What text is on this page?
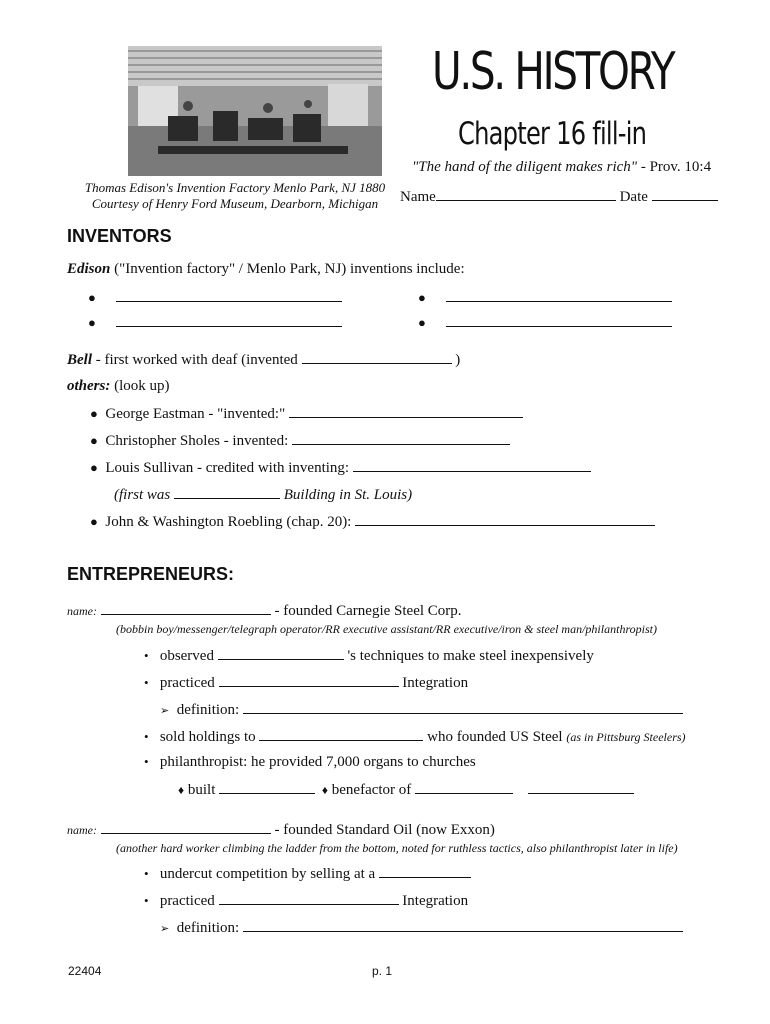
Thomas Edison's Invention Factory Menlo Park, NJ 1880
Courtesy of Henry Ford Museum, Dearborn, Michigan
U.S. HISTORY
Chapter 16 fill-in
"The hand of the diligent makes rich" - Prov. 10:4
Name	Date
INVENTORS
Edison ("Invention factory" / Menlo Park, NJ) inventions include:
●	●
●	●
Bell - first worked with deaf (invented	)
others: (look up)
● George Eastman - "invented:"
● Christopher Sholes - invented:
● Louis Sullivan - credited with inventing:
(first was	Building in St. Louis)
● John & Washington Roebling (chap. 20):
ENTREPRENEURS:
name:	- founded Carnegie Steel Corp.
(bobbin boy/messenger/telegraph operator/RR executive assistant/RR executive/iron & steel man/philanthropist)
• observed	's techniques to make steel inexpensively
• practiced	Integration
➢ definition:
• sold holdings to	who founded US Steel (as in Pittsburg Steelers)
• philanthropist: he provided 7,000 organs to churches
♦ built	♦ benefactor of
name:	- founded Standard Oil (now Exxon)
(another hard worker climbing the ladder from the bottom, noted for ruthless tactics, also philanthropist later in life)
• undercut competition by selling at a
• practiced	Integration
➢ definition:
22404	p. 1
